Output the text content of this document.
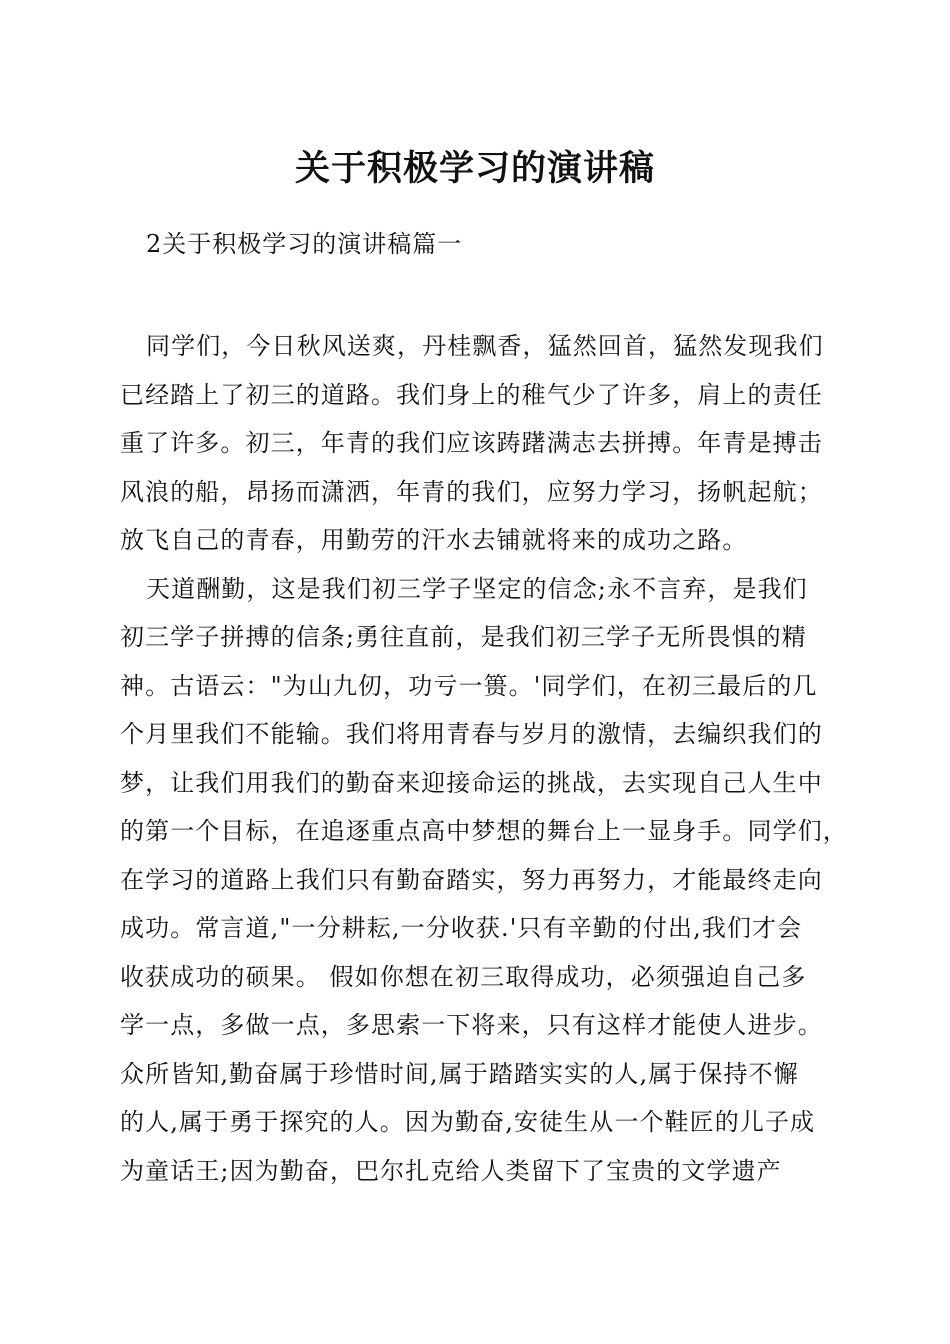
关于积极学习的演讲稿
2关于积极学习的演讲稿篇一
同学们，今日秋风送爽，丹桂飘香，猛然回首，猛然发现我们
已经踏上了初三的道路。我们身上的稚气少了许多，肩上的责任
重了许多。初三，年青的我们应该踌躇满志去拼搏。年青是搏击
风浪的船，昂扬而潇洒，年青的我们，应努力学习，扬帆起航；
放飞自己的青春，用勤劳的汗水去铺就将来的成功之路。
天道酬勤，这是我们初三学子坚定的信念;永不言弃，是我们
初三学子拼搏的信条;勇往直前，是我们初三学子无所畏惧的精
神。古语云："为山九仞，功亏一篑。'同学们，在初三最后的几
个月里我们不能输。我们将用青春与岁月的激情，去编织我们的
梦，让我们用我们的勤奋来迎接命运的挑战，去实现自己人生中
的第一个目标，在追逐重点高中梦想的舞台上一显身手。同学们，
在学习的道路上我们只有勤奋踏实，努力再努力，才能最终走向
成功。常言道,"一分耕耘,一分收获.'只有辛勤的付出,我们才会
收获成功的硕果。 假如你想在初三取得成功，必须强迫自己多
学一点，多做一点，多思索一下将来，只有这样才能使人进步。
众所皆知,勤奋属于珍惜时间,属于踏踏实实的人,属于保持不懈
的人,属于勇于探究的人。因为勤奋,安徒生从一个鞋匠的儿子成
为童话王;因为勤奋，巴尔扎克给人类留下了宝贵的文学遗产
